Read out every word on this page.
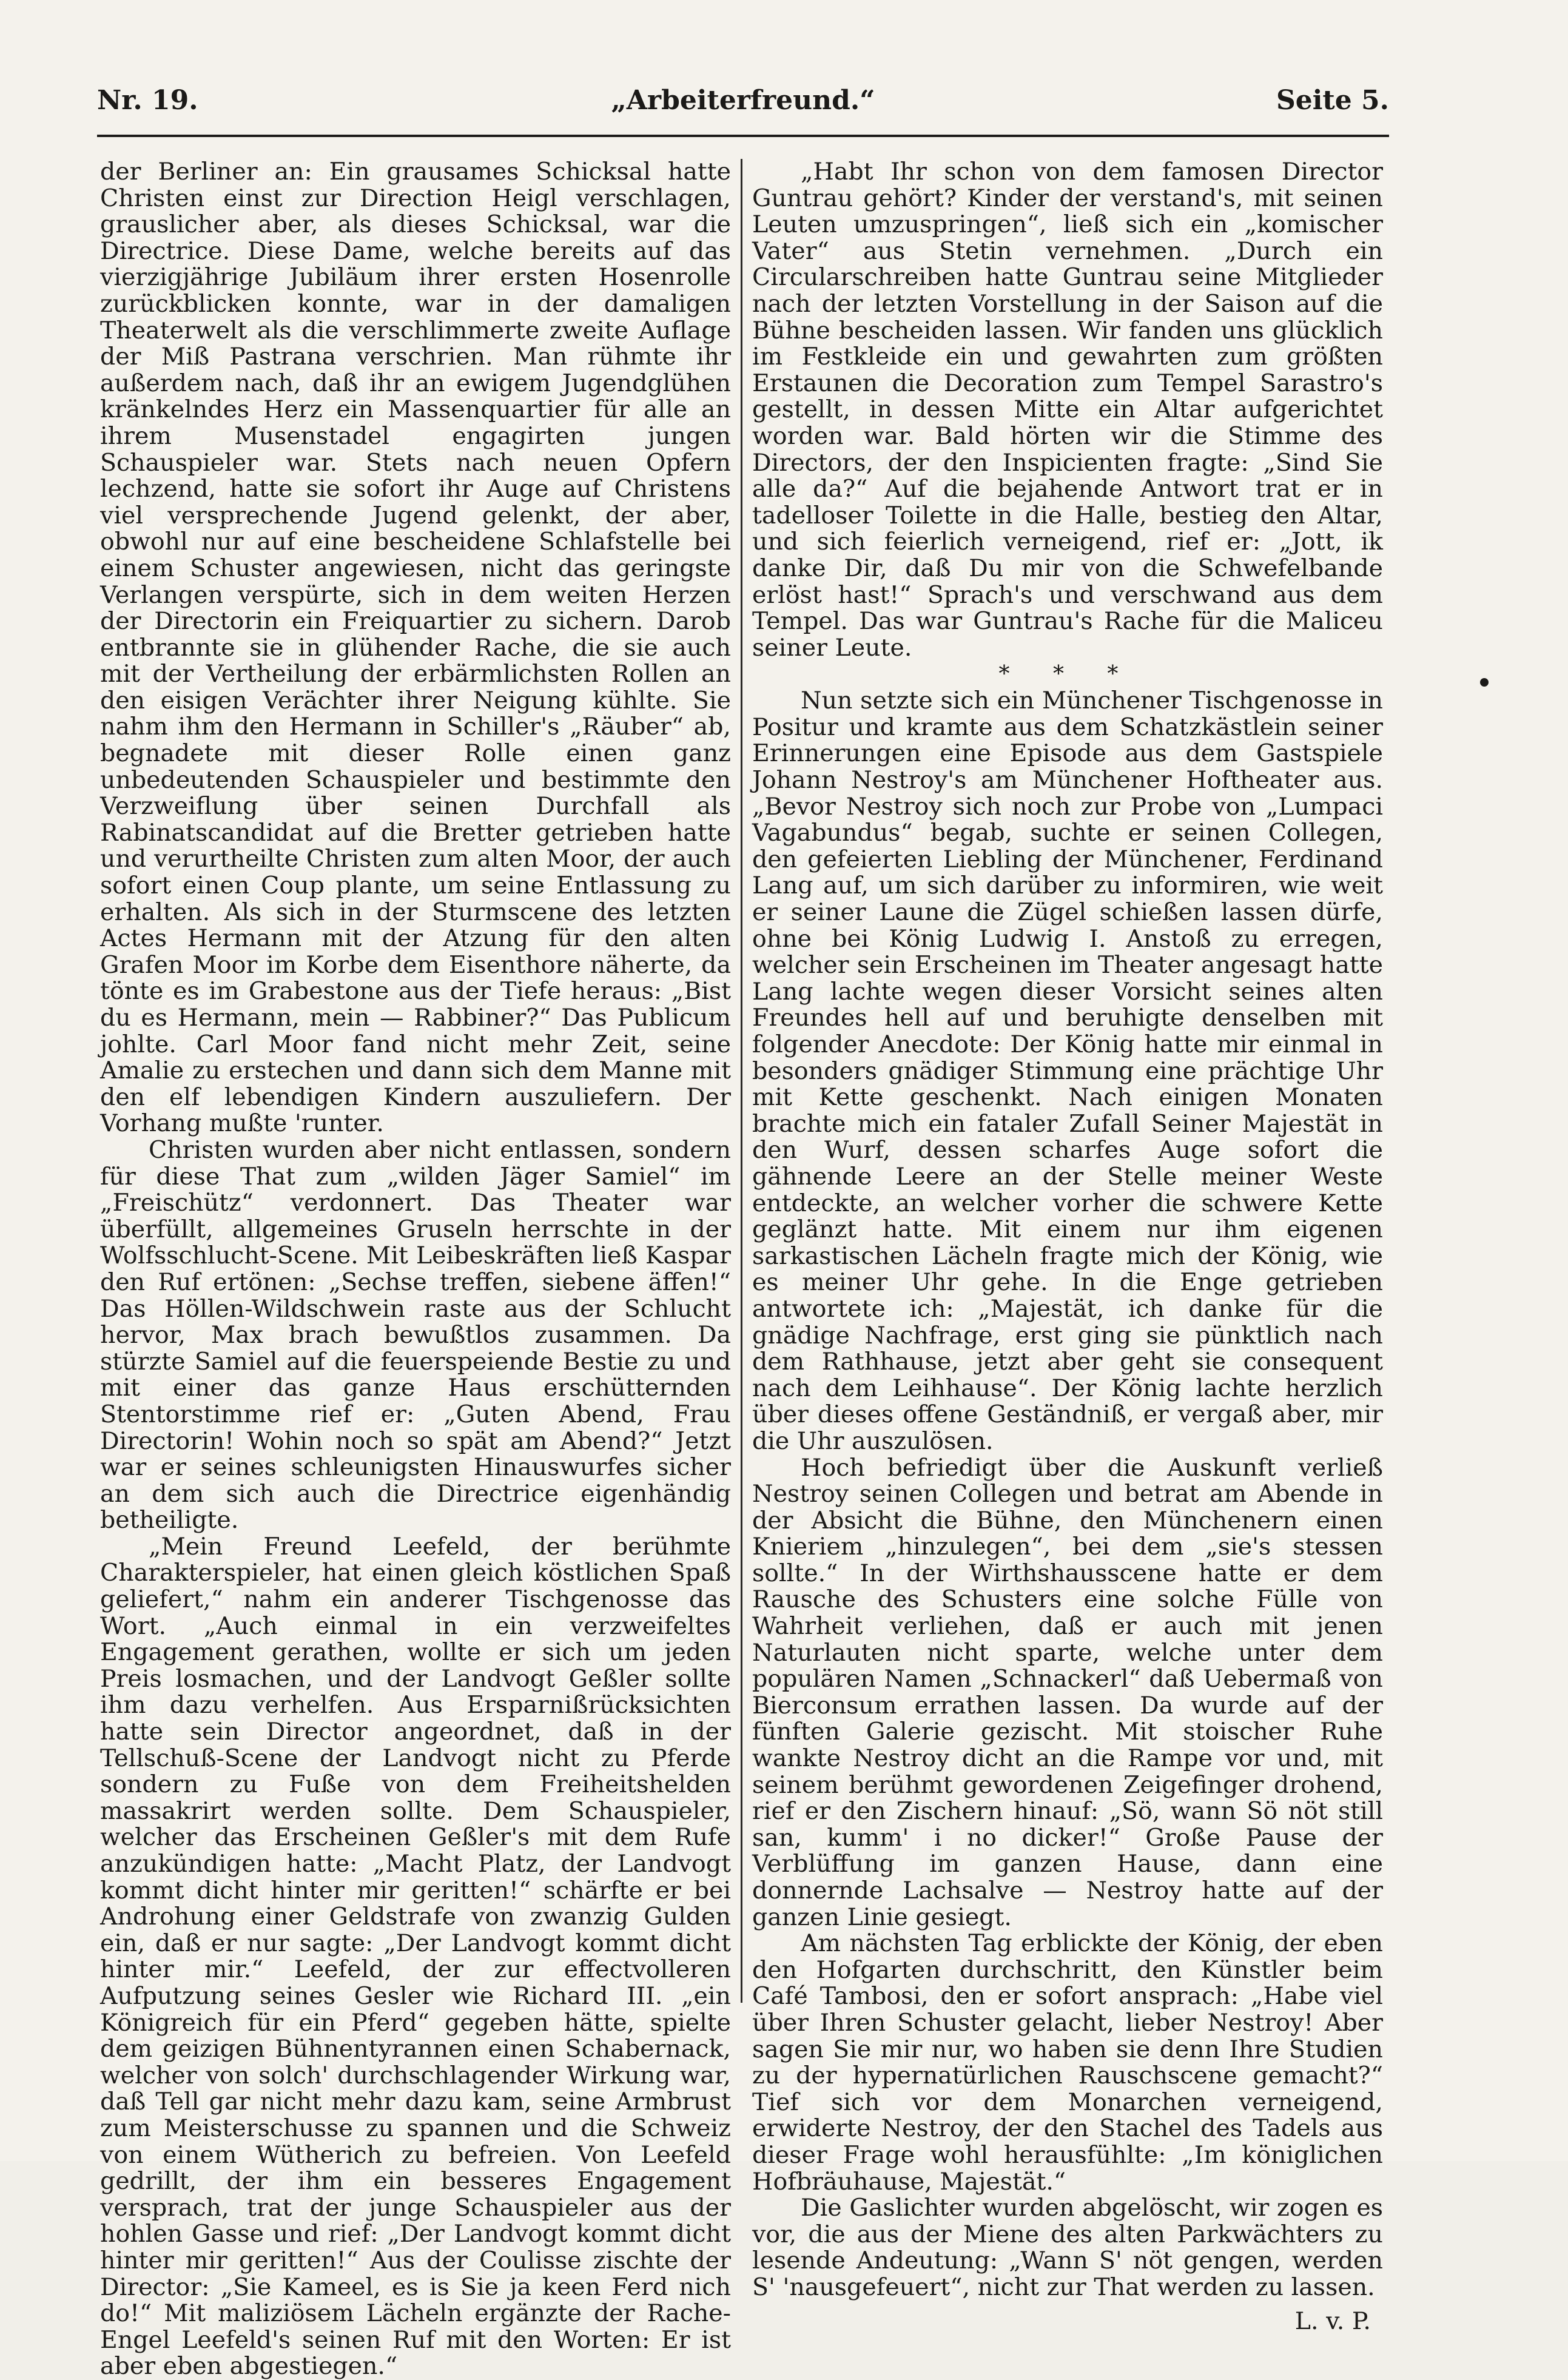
Nr. 19.	„Arbeiterfreund.“	Seite 5.

der Berliner an: Ein grausames Schicksal hatte Christen einst zur Direction Heigl verschlagen, grauslicher aber, als dieses Schicksal, war die Directrice. Diese Dame, welche bereits auf das vierzigjährige Jubiläum ihrer ersten Hosenrolle zurückblicken konnte, war in der damaligen Theaterwelt als die verschlimmerte zweite Auflage der Miß Pastrana verschrien. Man rühmte ihr außerdem nach, daß ihr an ewigem Jugendglühen kränkelndes Herz ein Massenquartier für alle an ihrem Musenstadel engagirten jungen Schauspieler war. Stets nach neuen Opfern lechzend, hatte sie sofort ihr Auge auf Christens viel versprechende Jugend gelenkt, der aber, obwohl nur auf eine bescheidene Schlafstelle bei einem Schuster angewiesen, nicht das geringste Verlangen verspürte, sich in dem weiten Herzen der Directorin ein Freiquartier zu sichern. Darob entbrannte sie in glühender Rache, die sie auch mit der Vertheilung der erbärmlichsten Rollen an den eisigen Verächter ihrer Neigung kühlte. Sie nahm ihm den Hermann in Schiller's „Räuber“ ab, begnadete mit dieser Rolle einen ganz unbedeutenden Schauspieler und bestimmte den Verzweiflung über seinen Durchfall als Rabinatscandidat auf die Bretter getrieben hatte und verurtheilte Christen zum alten Moor, der auch sofort einen Coup plante, um seine Entlassung zu erhalten. Als sich in der Sturmscene des letzten Actes Hermann mit der Atzung für den alten Grafen Moor im Korbe dem Eisenthore näherte, da tönte es im Grabestone aus der Tiefe heraus: „Bist du es Hermann, mein — Rabbiner?“ Das Publicum johlte. Carl Moor fand nicht mehr Zeit, seine Amalie zu erstechen und dann sich dem Manne mit den elf lebendigen Kindern auszuliefern. Der Vorhang mußte 'runter.

Christen wurden aber nicht entlassen, sondern für diese That zum „wilden Jäger Samiel“ im „Freischütz“ verdonnert. Das Theater war überfüllt, allgemeines Gruseln herrschte in der Wolfsschlucht-Scene. Mit Leibeskräften ließ Kaspar den Ruf ertönen: „Sechse treffen, siebene äffen!“ Das Höllen-Wildschwein raste aus der Schlucht hervor, Max brach bewußtlos zusammen. Da stürzte Samiel auf die feuerspeiende Bestie zu und mit einer das ganze Haus erschütternden Stentorstimme rief er: „Guten Abend, Frau Directorin! Wohin noch so spät am Abend?“ Jetzt war er seines schleunigsten Hinauswurfes sicher an dem sich auch die Directrice eigenhändig betheiligte.

„Mein Freund Leefeld, der berühmte Charakterspieler, hat einen gleich köstlichen Spaß geliefert,“ nahm ein anderer Tischgenosse das Wort. „Auch einmal in ein verzweifeltes Engagement gerathen, wollte er sich um jeden Preis losmachen, und der Landvogt Geßler sollte ihm dazu verhelfen. Aus Ersparnißrücksichten hatte sein Director angeordnet, daß in der Tellschuß-Scene der Landvogt nicht zu Pferde sondern zu Fuße von dem Freiheitshelden massakrirt werden sollte. Dem Schauspieler, welcher das Erscheinen Geßler's mit dem Rufe anzukündigen hatte: „Macht Platz, der Landvogt kommt dicht hinter mir geritten!“ schärfte er bei Androhung einer Geldstrafe von zwanzig Gulden ein, daß er nur sagte: „Der Landvogt kommt dicht hinter mir.“ Leefeld, der zur effectvolleren Aufputzung seines Gesler wie Richard III. „ein Königreich für ein Pferd“ gegeben hätte, spielte dem geizigen Bühnentyrannen einen Schabernack, welcher von solch' durchschlagender Wirkung war, daß Tell gar nicht mehr dazu kam, seine Armbrust zum Meisterschusse zu spannen und die Schweiz von einem Wütherich zu befreien. Von Leefeld gedrillt, der ihm ein besseres Engagement versprach, trat der junge Schauspieler aus der hohlen Gasse und rief: „Der Landvogt kommt dicht hinter mir geritten!“ Aus der Coulisse zischte der Director: „Sie Kameel, es is Sie ja keen Ferd nich do!“ Mit maliziösem Lächeln ergänzte der Rache-Engel Leefeld's seinen Ruf mit den Worten: Er ist aber eben abgestiegen.“

„Habt Ihr schon von dem famosen Director Guntrau gehört? Kinder der verstand's, mit seinen Leuten umzuspringen“, ließ sich ein „komischer Vater“ aus Stetin vernehmen. „Durch ein Circularschreiben hatte Guntrau seine Mitglieder nach der letzten Vorstellung in der Saison auf die Bühne bescheiden lassen. Wir fanden uns glücklich im Festkleide ein und gewahrten zum größten Erstaunen die Decoration zum Tempel Sarastro's gestellt, in dessen Mitte ein Altar aufgerichtet worden war. Bald hörten wir die Stimme des Directors, der den Inspicienten fragte: „Sind Sie alle da?“ Auf die bejahende Antwort trat er in tadelloser Toilette in die Halle, bestieg den Altar, und sich feierlich verneigend, rief er: „Jott, ik danke Dir, daß Du mir von die Schwefelbande erlöst hast!“ Sprach's und verschwand aus dem Tempel. Das war Guntrau's Rache für die Maliceu seiner Leute.

* * *

Nun setzte sich ein Münchener Tischgenosse in Positur und kramte aus dem Schatzkästlein seiner Erinnerungen eine Episode aus dem Gastspiele Johann Nestroy's am Münchener Hoftheater aus. „Bevor Nestroy sich noch zur Probe von „Lumpaci Vagabundus“ begab, suchte er seinen Collegen, den gefeierten Liebling der Münchener, Ferdinand Lang auf, um sich darüber zu informiren, wie weit er seiner Laune die Zügel schießen lassen dürfe, ohne bei König Ludwig I. Anstoß zu erregen, welcher sein Erscheinen im Theater angesagt hatte Lang lachte wegen dieser Vorsicht seines alten Freundes hell auf und beruhigte denselben mit folgender Anecdote: Der König hatte mir einmal in besonders gnädiger Stimmung eine prächtige Uhr mit Kette geschenkt. Nach einigen Monaten brachte mich ein fataler Zufall Seiner Majestät in den Wurf, dessen scharfes Auge sofort die gähnende Leere an der Stelle meiner Weste entdeckte, an welcher vorher die schwere Kette geglänzt hatte. Mit einem nur ihm eigenen sarkastischen Lächeln fragte mich der König, wie es meiner Uhr gehe. In die Enge getrieben antwortete ich: „Majestät, ich danke für die gnädige Nachfrage, erst ging sie pünktlich nach dem Rathhause, jetzt aber geht sie consequent nach dem Leihhause“. Der König lachte herzlich über dieses offene Geständniß, er vergaß aber, mir die Uhr auszulösen.

Hoch befriedigt über die Auskunft verließ Nestroy seinen Collegen und betrat am Abende in der Absicht die Bühne, den Münchenern einen Knieriem „hinzulegen“, bei dem „sie's stessen sollte.“ In der Wirthshausscene hatte er dem Rausche des Schusters eine solche Fülle von Wahrheit verliehen, daß er auch mit jenen Naturlauten nicht sparte, welche unter dem populären Namen „Schnackerl“ daß Uebermaß von Bierconsum errathen lassen. Da wurde auf der fünften Galerie gezischt. Mit stoischer Ruhe wankte Nestroy dicht an die Rampe vor und, mit seinem berühmt gewordenen Zeigefinger drohend, rief er den Zischern hinauf: „Sö, wann Sö nöt still san, kumm' i no dicker!“ Große Pause der Verblüffung im ganzen Hause, dann eine donnernde Lachsalve — Nestroy hatte auf der ganzen Linie gesiegt.

Am nächsten Tag erblickte der König, der eben den Hofgarten durchschritt, den Künstler beim Café Tambosi, den er sofort ansprach: „Habe viel über Ihren Schuster gelacht, lieber Nestroy! Aber sagen Sie mir nur, wo haben sie denn Ihre Studien zu der hypernatürlichen Rauschscene gemacht?“ Tief sich vor dem Monarchen verneigend, erwiderte Nestroy, der den Stachel des Tadels aus dieser Frage wohl herausfühlte: „Im königlichen Hofbräuhause, Majestät.“

Die Gaslichter wurden abgelöscht, wir zogen es vor, die aus der Miene des alten Parkwächters zu lesende Andeutung: „Wann S' nöt gengen, werden S' 'nausgefeuert“, nicht zur That werden zu lassen.

L. v. P.
